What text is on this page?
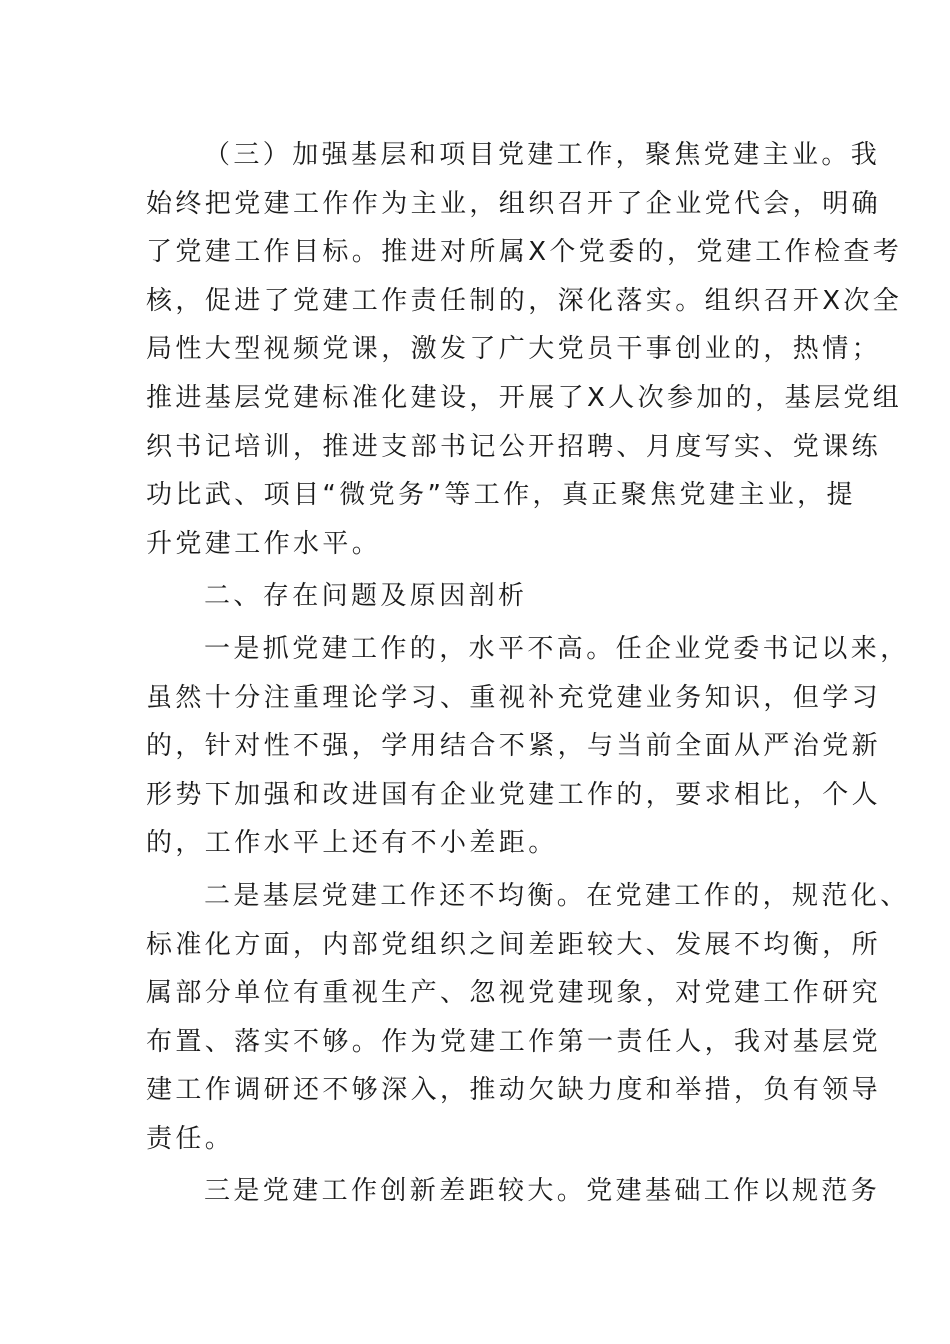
（三）加强基层和项目党建工作，聚焦党建主业。我
始终把党建工作作为主业，组织召开了企业党代会，明确
了党建工作目标。推进对所属X个党委的，党建工作检查考
核，促进了党建工作责任制的，深化落实。组织召开X次全
局性大型视频党课，激发了广大党员干事创业的，热情；
推进基层党建标准化建设，开展了X人次参加的，基层党组
织书记培训，推进支部书记公开招聘、月度写实、党课练
功比武、项目“微党务”等工作，真正聚焦党建主业，提
升党建工作水平。
二、存在问题及原因剖析
一是抓党建工作的，水平不高。任企业党委书记以来，
虽然十分注重理论学习、重视补充党建业务知识，但学习
的，针对性不强，学用结合不紧，与当前全面从严治党新
形势下加强和改进国有企业党建工作的，要求相比，个人
的，工作水平上还有不小差距。
二是基层党建工作还不均衡。在党建工作的，规范化、
标准化方面，内部党组织之间差距较大、发展不均衡，所
属部分单位有重视生产、忽视党建现象，对党建工作研究
布置、落实不够。作为党建工作第一责任人，我对基层党
建工作调研还不够深入，推动欠缺力度和举措，负有领导
责任。
三是党建工作创新差距较大。党建基础工作以规范务
